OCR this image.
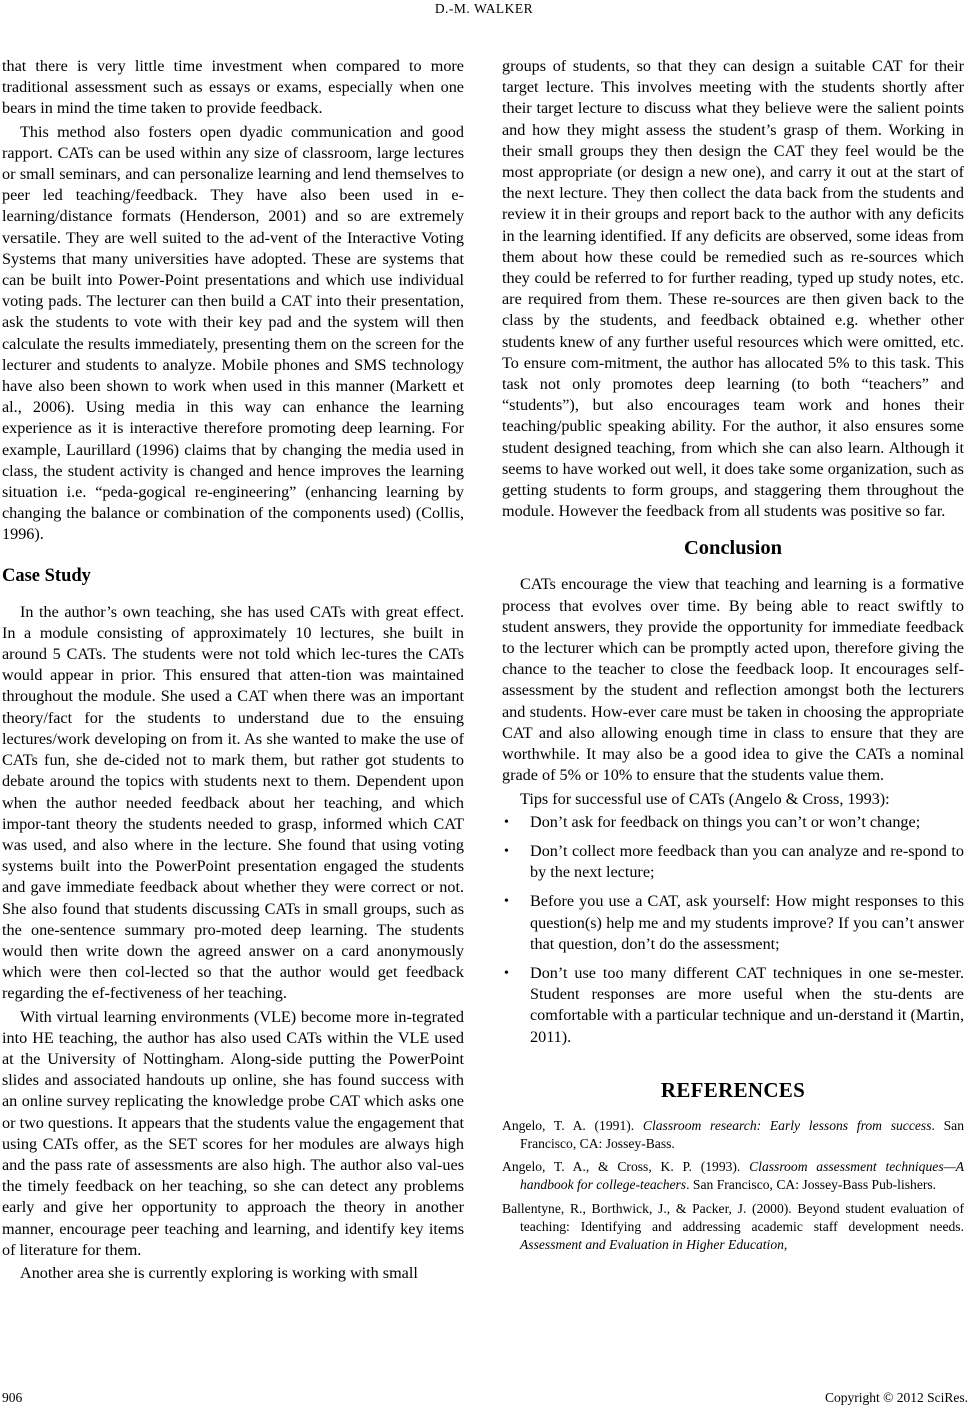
D.-M. WALKER

that there is very little time investment when compared to more traditional assessment such as essays or exams, especially when one bears in mind the time taken to provide feedback.

This method also fosters open dyadic communication and good rapport. CATs can be used within any size of classroom, large lectures or small seminars, and can personalize learning and lend themselves to peer led teaching/feedback. They have also been used in e-learning/distance formats (Henderson, 2001) and so are extremely versatile. They are well suited to the ad-vent of the Interactive Voting Systems that many universities have adopted. These are systems that can be built into Power-Point presentations and which use individual voting pads. The lecturer can then build a CAT into their presentation, ask the students to vote with their key pad and the system will then calculate the results immediately, presenting them on the screen for the lecturer and students to analyze. Mobile phones and SMS technology have also been shown to work when used in this manner (Markett et al., 2006). Using media in this way can enhance the learning experience as it is interactive therefore promoting deep learning. For example, Laurillard (1996) claims that by changing the media used in class, the student activity is changed and hence improves the learning situation i.e. “peda-gogical re-engineering” (enhancing learning by changing the balance or combination of the components used) (Collis, 1996).

Case Study

In the author’s own teaching, she has used CATs with great effect. In a module consisting of approximately 10 lectures, she built in around 5 CATs. The students were not told which lec-tures the CATs would appear in prior. This ensured that atten-tion was maintained throughout the module. She used a CAT when there was an important theory/fact for the students to understand due to the ensuing lectures/work developing on from it. As she wanted to make the use of CATs fun, she de-cided not to mark them, but rather got students to debate around the topics with students next to them. Dependent upon when the author needed feedback about her teaching, and which impor-tant theory the students needed to grasp, informed which CAT was used, and also where in the lecture. She found that using voting systems built into the PowerPoint presentation engaged the students and gave immediate feedback about whether they were correct or not. She also found that students discussing CATs in small groups, such as the one-sentence summary pro-moted deep learning. The students would then write down the agreed answer on a card anonymously which were then col-lected so that the author would get feedback regarding the ef-fectiveness of her teaching.

With virtual learning environments (VLE) become more in-tegrated into HE teaching, the author has also used CATs within the VLE used at the University of Nottingham. Along-side putting the PowerPoint slides and associated handouts up online, she has found success with an online survey replicating the knowledge probe CAT which asks one or two questions. It appears that the students value the engagement that using CATs offer, as the SET scores for her modules are always high and the pass rate of assessments are also high. The author also val-ues the timely feedback on her teaching, so she can detect any problems early and give her opportunity to approach the theory in another manner, encourage peer teaching and learning, and identify key items of literature for them.

Another area she is currently exploring is working with small

groups of students, so that they can design a suitable CAT for their target lecture. This involves meeting with the students shortly after their target lecture to discuss what they believe were the salient points and how they might assess the student’s grasp of them. Working in their small groups they then design the CAT they feel would be the most appropriate (or design a new one), and carry it out at the start of the next lecture. They then collect the data back from the students and review it in their groups and report back to the author with any deficits in the learning identified. If any deficits are observed, some ideas from them about how these could be remedied such as re-sources which they could be referred to for further reading, typed up study notes, etc. are required from them. These re-sources are then given back to the class by the students, and feedback obtained e.g. whether other students knew of any further useful resources which were omitted, etc. To ensure com-mitment, the author has allocated 5% to this task. This task not only promotes deep learning (to both “teachers” and “students”), but also encourages team work and hones their teaching/public speaking ability. For the author, it also ensures some student designed teaching, from which she can also learn. Although it seems to have worked out well, it does take some organization, such as getting students to form groups, and staggering them throughout the module. However the feedback from all students was positive so far.

Conclusion

CATs encourage the view that teaching and learning is a formative process that evolves over time. By being able to react swiftly to student answers, they provide the opportunity for immediate feedback to the lecturer which can be promptly acted upon, therefore giving the chance to the teacher to close the feedback loop. It encourages self-assessment by the student and reflection amongst both the lecturers and students. How-ever care must be taken in choosing the appropriate CAT and also allowing enough time in class to ensure that they are worthwhile. It may also be a good idea to give the CATs a nominal grade of 5% or 10% to ensure that the students value them.

Tips for successful use of CATs (Angelo & Cross, 1993):

• Don’t ask for feedback on things you can’t or won’t change;
• Don’t collect more feedback than you can analyze and re-spond to by the next lecture;
• Before you use a CAT, ask yourself: How might responses to this question(s) help me and my students improve? If you can’t answer that question, don’t do the assessment;
• Don’t use too many different CAT techniques in one se-mester. Student responses are more useful when the stu-dents are comfortable with a particular technique and un-derstand it (Martin, 2011).
REFERENCES

Angelo, T. A. (1991). Classroom research: Early lessons from success. San Francisco, CA: Jossey-Bass.

Angelo, T. A., & Cross, K. P. (1993). Classroom assessment techniques—A handbook for college-teachers. San Francisco, CA: Jossey-Bass Pub-lishers.

Ballentyne, R., Borthwick, J., & Packer, J. (2000). Beyond student evaluation of teaching: Identifying and addressing academic staff development needs. Assessment and Evaluation in Higher Education,

906	Copyright © 2012 SciRes.
